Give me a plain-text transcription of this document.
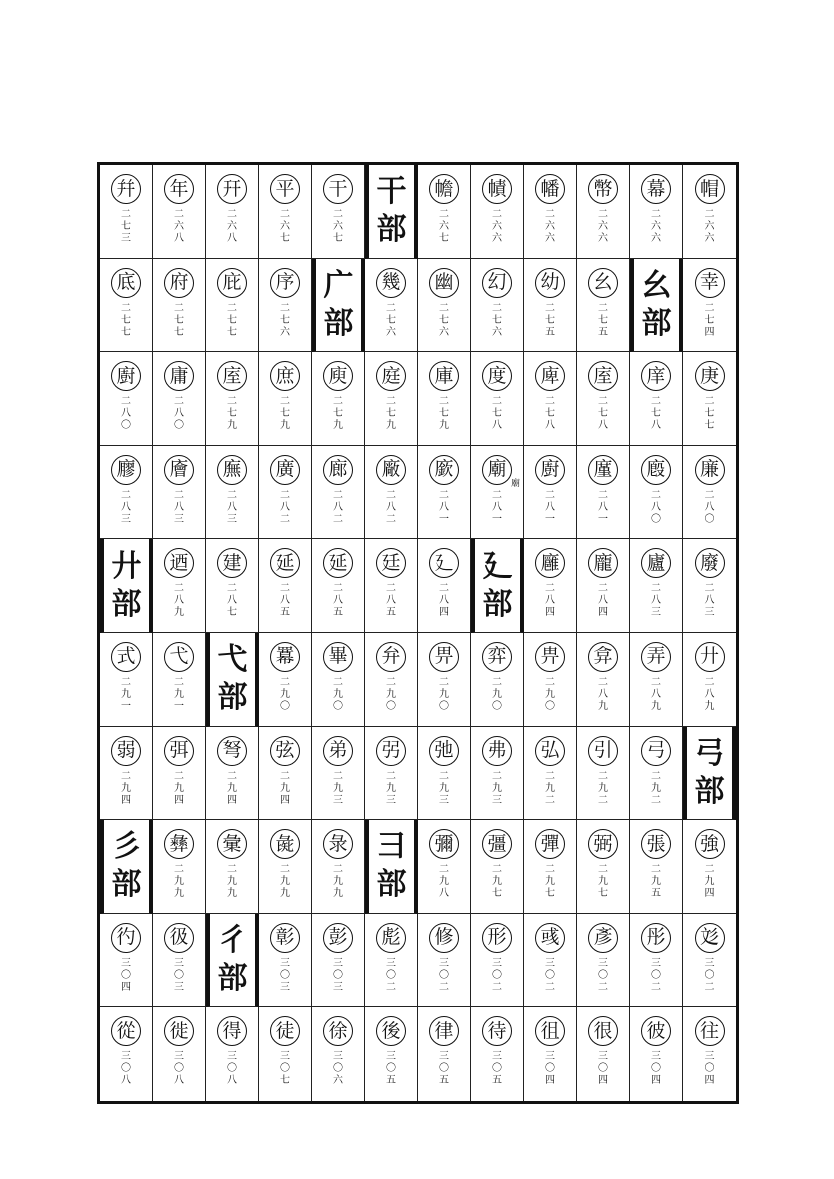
幷
二
七
三
年
二
六
八
幵
二
六
八
平
二
六
七
干
二
六
七
干
部
幨
二
六
七
幘
二
六
六
幡
二
六
六
幣
二
六
六
幕
二
六
六
帽
二
六
六
底
二
七
七
府
二
七
七
庇
二
七
七
序
二
七
六
广
部
幾
二
七
六
幽
二
七
六
幻
二
七
六
幼
二
七
五
幺
二
七
五
幺
部
幸
二
七
四
廚
二
八
〇
庸
二
八
〇
庢
二
七
九
庶
二
七
九
庾
二
七
九
庭
二
七
九
庫
二
七
九
度
二
七
八
庳
二
七
八
庢
二
七
八
庠
二
七
八
庚
二
七
七
廫
二
八
三
廥
二
八
三
廡
二
八
三
廣
二
八
二
廊
二
八
二
廠
二
八
二
廞
二
八
一
廟
二
八
一
廟
廚
二
八
一
廑
二
八
一
廏
二
八
〇
廉
二
八
〇
廾
部
迺
二
八
九
建
二
八
七
延
二
八
五
延
二
八
五
廷
二
八
五
廴
二
八
四
廴
部
廱
二
八
四
龐
二
八
四
廬
二
八
三
廢
二
八
三
式
二
九
一
弋
二
九
一
弋
部
羃
二
九
〇
畢
二
九
〇
弁
二
九
〇
畀
二
九
〇
弈
二
九
〇
畁
二
九
〇
弇
二
八
九
弄
二
八
九
廾
二
八
九
弱
二
九
四
弭
二
九
四
弩
二
九
四
弦
二
九
四
弟
二
九
三
弜
二
九
三
弛
二
九
三
弗
二
九
三
弘
二
九
二
引
二
九
二
弓
二
九
二
弓
部
彡
部
彝
二
九
九
彙
二
九
九
彘
二
九
九
彔
二
九
九
彐
部
彌
二
九
八
彊
二
九
七
彈
二
九
七
弼
二
九
七
張
二
九
五
強
二
九
四
彴
三
〇
四
彶
三
〇
三
彳
部
彰
三
〇
三
彭
三
〇
三
彪
三
〇
二
修
三
〇
二
形
三
〇
二
彧
三
〇
二
彥
三
〇
二
彤
三
〇
二
彣
三
〇
二
從
三
〇
八
徙
三
〇
八
得
三
〇
八
徒
三
〇
七
徐
三
〇
六
後
三
〇
五
律
三
〇
五
待
三
〇
五
徂
三
〇
四
很
三
〇
四
彼
三
〇
四
往
三
〇
四
